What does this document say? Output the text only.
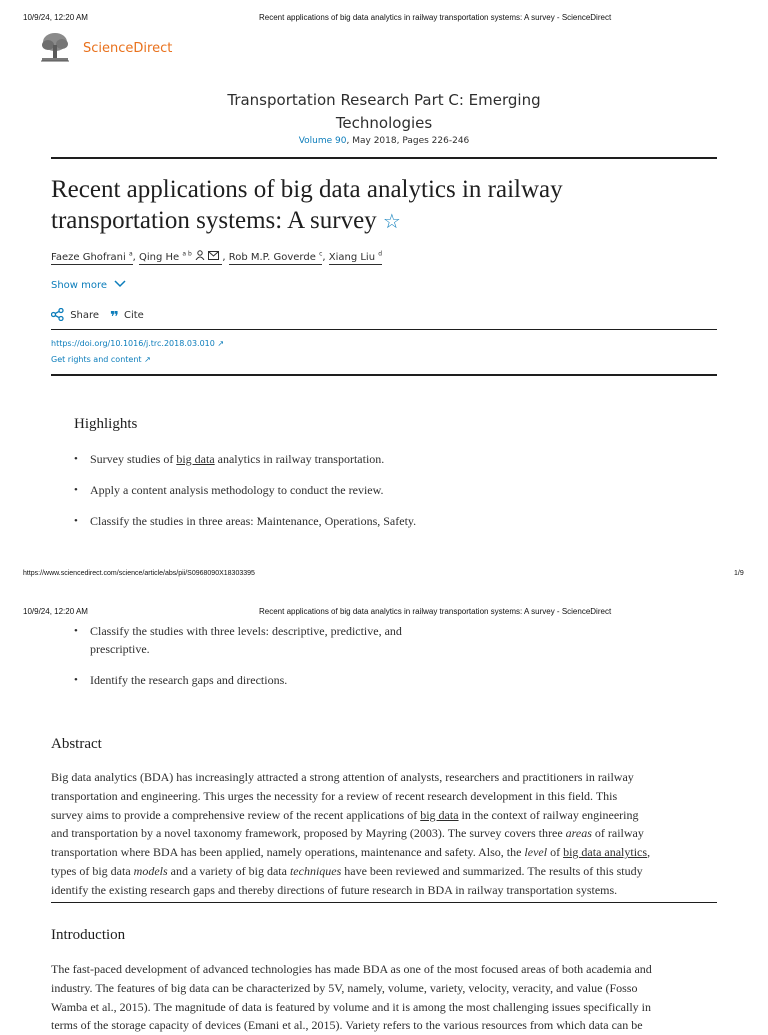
10/9/24, 12:20 AM	Recent applications of big data analytics in railway transportation systems: A survey - ScienceDirect
ScienceDirect
Transportation Research Part C: Emerging
Technologies
Volume 90, May 2018, Pages 226-246
Recent applications of big data analytics in railway
transportation systems: A survey ☆
Faeze Ghofrani $^a$, Qing He $^{a b}$	, Rob M.P. Goverde $^c$, Xiang Liu $^d$
Show more
Share ❞ Cite
https://doi.org/10.1016/j.trc.2018.03.010 ↗
Get rights and content ↗
Highlights
• Survey studies of big data analytics in railway transportation.
• Apply a content analysis methodology to conduct the review.
• Classify the studies in three areas: Maintenance, Operations, Safety.
https://www.sciencedirect.com/science/article/abs/pii/S0968090X18303395	1/9
10/9/24, 12:20 AM	Recent applications of big data analytics in railway transportation systems: A survey - ScienceDirect
• Classify the studies with three levels: descriptive, predictive, and
prescriptive.
• Identify the research gaps and directions.
Abstract
Big data analytics (BDA) has increasingly attracted a strong attention of analysts, researchers and practitioners in railway
transportation and engineering. This urges the necessity for a review of recent research development in this field. This
survey aims to provide a comprehensive review of the recent applications of big data in the context of railway engineering
and transportation by a novel taxonomy framework, proposed by Mayring (2003). The survey covers three areas of railway
transportation where BDA has been applied, namely operations, maintenance and safety. Also, the level of big data analytics,
types of big data models and a variety of big data techniques have been reviewed and summarized. The results of this study
identify the existing research gaps and thereby directions of future research in BDA in railway transportation systems.
Introduction
The fast-paced development of advanced technologies has made BDA as one of the most focused areas of both academia and
industry. The features of big data can be characterized by 5V, namely, volume, variety, velocity, veracity, and value (Fosso
Wamba et al., 2015). The magnitude of data is featured by volume and it is among the most challenging issues specifically in
terms of the storage capacity of devices (Emani et al., 2015). Variety refers to the various resources from which data can be
